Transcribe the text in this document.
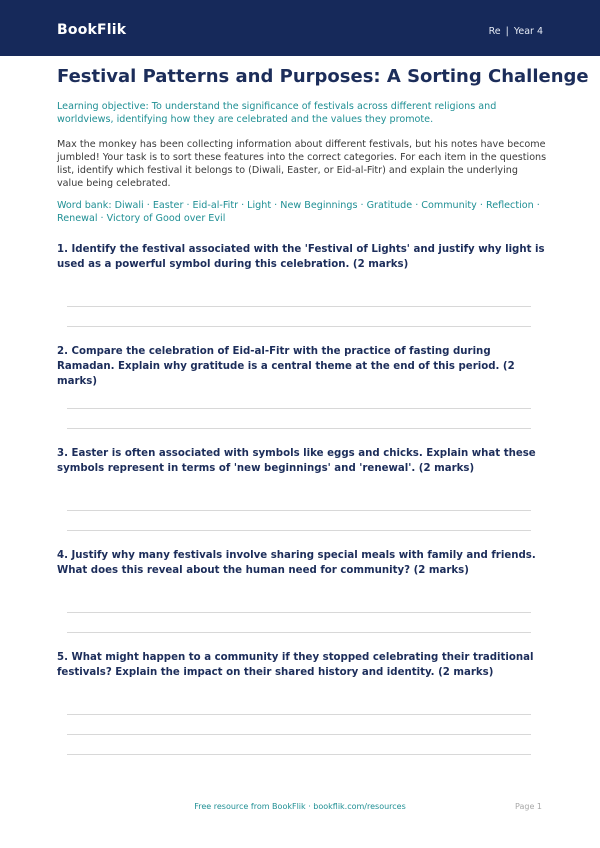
BookFlik	Re | Year 4
Festival Patterns and Purposes: A Sorting Challenge
Learning objective: To understand the significance of festivals across different religions and worldviews, identifying how they are celebrated and the values they promote.
Max the monkey has been collecting information about different festivals, but his notes have become jumbled! Your task is to sort these features into the correct categories. For each item in the questions list, identify which festival it belongs to (Diwali, Easter, or Eid-al-Fitr) and explain the underlying value being celebrated.
Word bank: Diwali · Easter · Eid-al-Fitr · Light · New Beginnings · Gratitude · Community · Reflection · Renewal · Victory of Good over Evil
1. Identify the festival associated with the 'Festival of Lights' and justify why light is used as a powerful symbol during this celebration. (2 marks)
2. Compare the celebration of Eid-al-Fitr with the practice of fasting during Ramadan. Explain why gratitude is a central theme at the end of this period. (2 marks)
3. Easter is often associated with symbols like eggs and chicks. Explain what these symbols represent in terms of 'new beginnings' and 'renewal'. (2 marks)
4. Justify why many festivals involve sharing special meals with family and friends. What does this reveal about the human need for community? (2 marks)
5. What might happen to a community if they stopped celebrating their traditional festivals? Explain the impact on their shared history and identity. (2 marks)
Free resource from BookFlik · bookflik.com/resources	Page 1
